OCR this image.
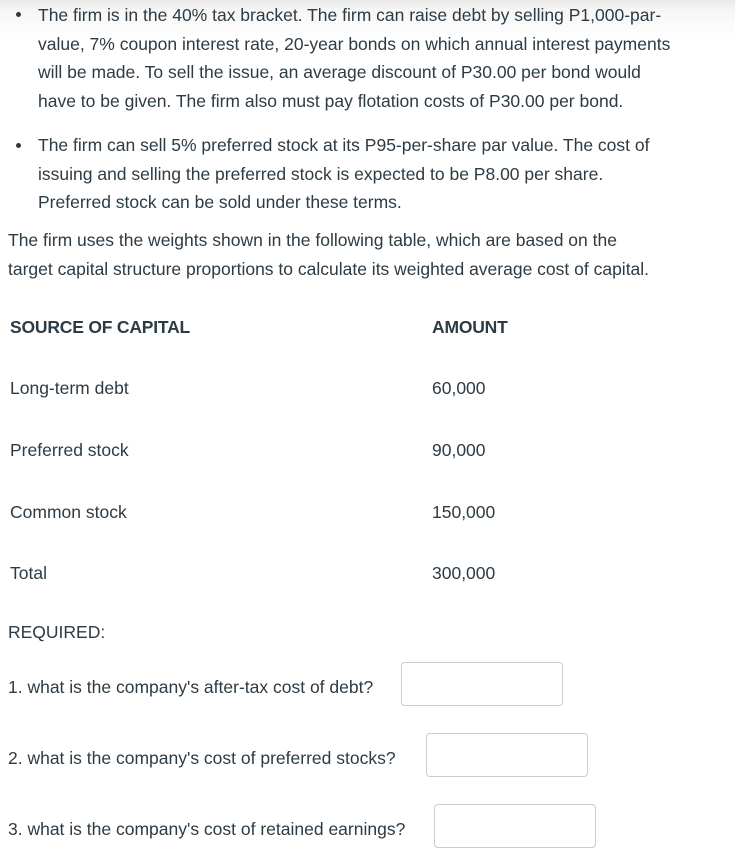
The firm is in the 40% tax bracket. The firm can raise debt by selling P1,000-par-
value, 7% coupon interest rate, 20-year bonds on which annual interest payments
will be made. To sell the issue, an average discount of P30.00 per bond would
have to be given. The firm also must pay flotation costs of P30.00 per bond.
The firm can sell 5% preferred stock at its P95-per-share par value. The cost of
issuing and selling the preferred stock is expected to be P8.00 per share.
Preferred stock can be sold under these terms.
The firm uses the weights shown in the following table, which are based on the
target capital structure proportions to calculate its weighted average cost of capital.
SOURCE OF CAPITAL	AMOUNT
Long-term debt	60,000
Preferred stock	90,000
Common stock	150,000
Total	300,000
REQUIRED:
1. what is the company's after-tax cost of debt?
2. what is the company's cost of preferred stocks?
3. what is the company's cost of retained earnings?
